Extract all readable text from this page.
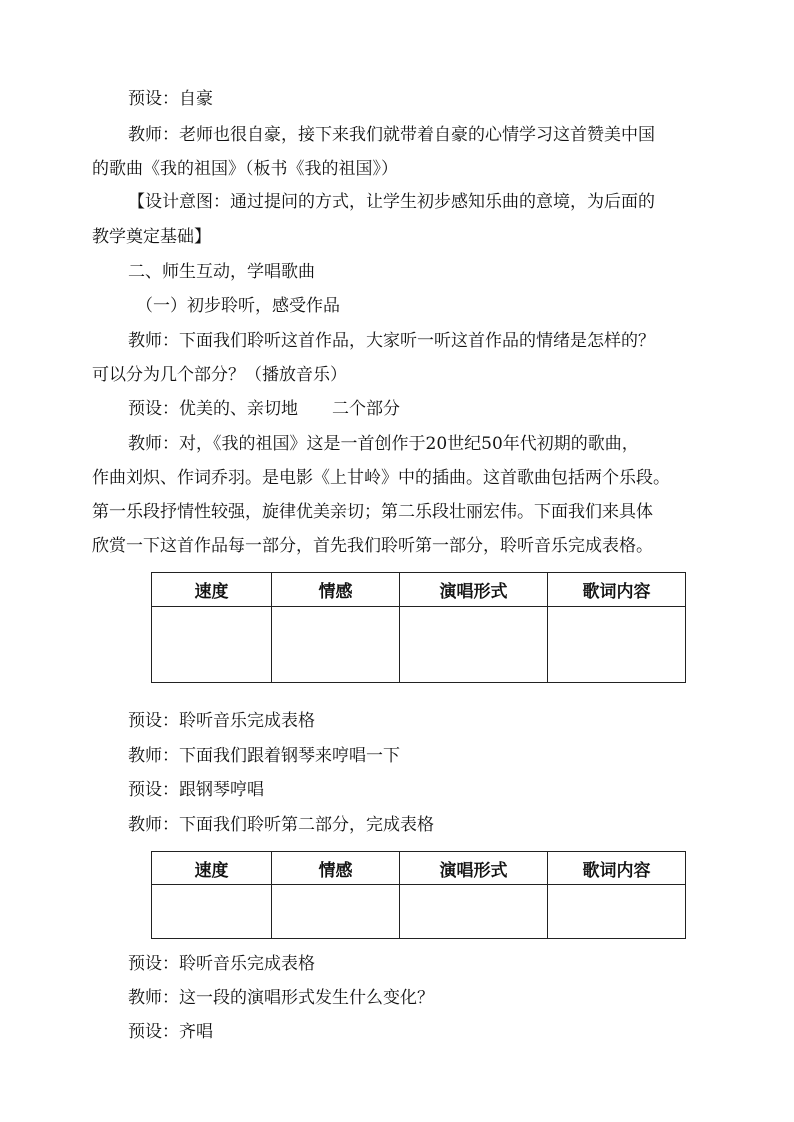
预设：自豪
教师：老师也很自豪，接下来我们就带着自豪的心情学习这首赞美中国
的歌曲《我的祖国》（板书《我的祖国》）
【设计意图：通过提问的方式，让学生初步感知乐曲的意境，为后面的
教学奠定基础】
二、师生互动，学唱歌曲
（一）初步聆听，感受作品
教师：下面我们聆听这首作品，大家听一听这首作品的情绪是怎样的？
可以分为几个部分？（播放音乐）
预设：优美的、亲切地　　二个部分
教师：对，《我的祖国》这是一首创作于20世纪50年代初期的歌曲，
作曲刘炽、作词乔羽。是电影《上甘岭》中的插曲。这首歌曲包括两个乐段。
第一乐段抒情性较强，旋律优美亲切；第二乐段壮丽宏伟。下面我们来具体
欣赏一下这首作品每一部分，首先我们聆听第一部分，聆听音乐完成表格。
速度	情感	演唱形式	歌词内容

预设：聆听音乐完成表格
教师：下面我们跟着钢琴来哼唱一下
预设：跟钢琴哼唱
教师：下面我们聆听第二部分，完成表格
速度	情感	演唱形式	歌词内容

预设：聆听音乐完成表格
教师：这一段的演唱形式发生什么变化？
预设：齐唱
